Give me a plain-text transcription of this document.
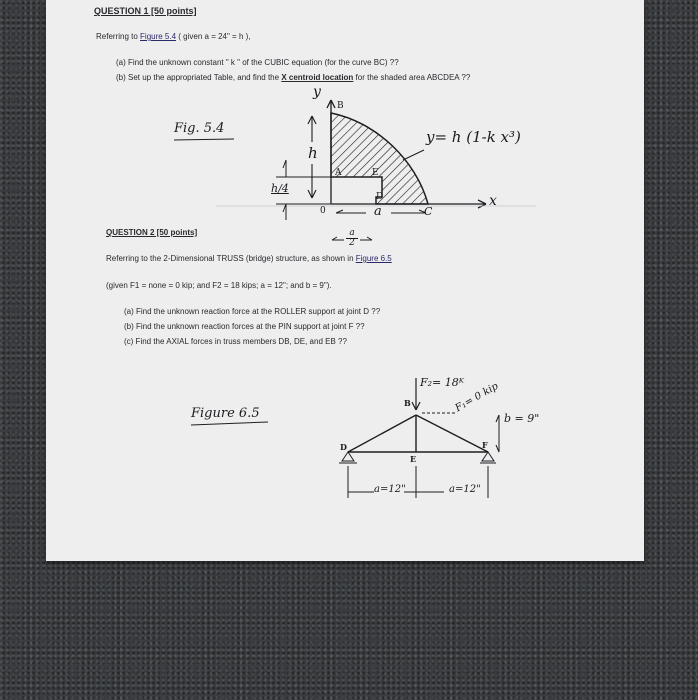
QUESTION 1 [50 points]
Referring to Figure 5.4 ( given a = 24" = h ),
(a) Find the unknown constant " k " of the CUBIC equation (for the curve BC) ??
(b) Set up the appropriated Table, and find the X centroid location for the shaded area ABCDEA ??
Fig. 5.4
y
x
B
A	E
D
C
0
h
h/4
a
$\frac{a}{2}$
y= h (1-k x³)
QUESTION 2 [50 points]
Referring to the 2-Dimensional TRUSS (bridge) structure, as shown in Figure 6.5
(given F1 = none = 0 kip; and F2 = 18 kips; a = 12"; and b = 9").
(a) Find the unknown reaction force at the ROLLER support at joint D ??
(b) Find the unknown reaction forces at the PIN support at joint F ??
(c) Find the AXIAL forces in truss members DB, DE, and EB ??
Figure 6.5
F₂= 18ᴷ
F₁= 0 kip
b = 9"
a=12"	a=12"
B
D
E
F
